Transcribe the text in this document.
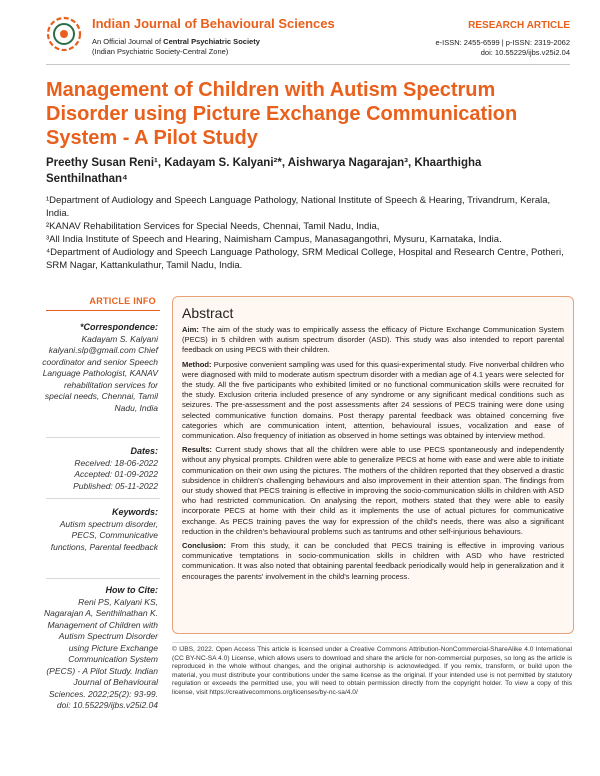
Indian Journal of Behavioural Sciences
An Official Journal of Central Psychiatric Society
(Indian Psychiatric Society-Central Zone)
RESEARCH ARTICLE
e-ISSN: 2455-6599 | p-ISSN: 2319-2062
doi: 10.55229/ijbs.v25i2.04
Management of Children with Autism Spectrum Disorder using Picture Exchange Communication System - A Pilot Study
Preethy Susan Reni¹, Kadayam S. Kalyani²*, Aishwarya Nagarajan³, Khaarthigha Senthilnathan⁴

¹Department of Audiology and Speech Language Pathology, National Institute of Speech & Hearing, Trivandrum, Kerala, India.

²KANAV Rehabilitation Services for Special Needs, Chennai, Tamil Nadu, India,

³All India Institute of Speech and Hearing, Naimisham Campus, Manasagangothri, Mysuru, Karnataka, India.

⁴Department of Audiology and Speech Language Pathology, SRM Medical College, Hospital and Research Centre, Potheri, SRM Nagar, Kattankulathur, Tamil Nadu, India.

ARTICLE INFO
*Correspondence:
Kadayam S. Kalyani kalyani.slp@gmail.com Chief coordinator and senior Speech Language Pathologist, KANAV rehabilitation services for special needs, Chennai, Tamil Nadu, India
Dates:
Received: 18-06-2022
Accepted: 01-09-2022
Published: 05-11-2022
Keywords:
Autism spectrum disorder, PECS, Communicative functions, Parental feedback
How to Cite:
Reni PS, Kalyani KS, Nagarajan A, Senthilnathan K. Management of Children with Autism Spectrum Disorder using Picture Exchange Communication System (PECS) - A Pilot Study. Indian Journal of Behavioural Sciences. 2022;25(2): 93-99. doi: 10.55229/ijbs.v25i2.04
Abstract

Aim: The aim of the study was to empirically assess the efficacy of Picture Exchange Communication System (PECS) in 5 children with autism spectrum disorder (ASD). This study was also intended to report parental feedback on using PECS with their children.

Method: Purposive convenient sampling was used for this quasi-experimental study. Five nonverbal children who were diagnosed with mild to moderate autism spectrum disorder with a median age of 4.1 years were selected for the study. All the five participants who exhibited limited or no functional communication skills were recruited for the study. Exclusion criteria included presence of any syndrome or any significant medical conditions such as seizures. The pre-assessment and the post assessments after 24 sessions of PECS training were done using selected communicative function domains. Post therapy parental feedback was obtained concerning five categories which are communication intent, attention, behavioural issues, vocalization and ease of communication. Also frequency of initiation as observed in home settings was obtained by interview method.

Results: Current study shows that all the children were able to use PECS spontaneously and independently without any physical prompts. Children were able to generalize PECS at home with ease and were able to initiate communication on their own using the pictures. The mothers of the children reported that they observed a drastic subsidence in children's challenging behaviours and also improvement in their attention span. The findings from our study showed that PECS training is effective in improving the socio-communication skills in children with ASD who had restricted communication. On analysing the report, mothers stated that they were able to easily incorporate PECS at home with their child as it implements the use of actual pictures for communicative exchange. As PECS training paves the way for expression of the child's needs, there was also a significant reduction in the children's behavioural problems such as tantrums and other self-injurious behaviours.

Conclusion: From this study, it can be concluded that PECS training is effective in improving various communicative temptations in socio-communication skills in children with ASD who have restricted communication. It was also noted that obtaining parental feedback periodically would help in generalization and it encourages the parents' involvement in the child's learning process.

© IJBS, 2022. Open Access This article is licensed under a Creative Commons Attribution-NonCommercial-ShareAlike 4.0 International (CC BY-NC-SA 4.0) License, which allows users to download and share the article for non-commercial purposes, so long as the article is reproduced in the whole without changes, and the original authorship is acknowledged. If you remix, transform, or build upon the material, you must distribute your contributions under the same license as the original. If your intended use is not permitted by statutory regulation or exceeds the permitted use, you will need to obtain permission directly from the copyright holder. To view a copy of this license, visit https://creativecommons.org/licenses/by-nc-sa/4.0/
